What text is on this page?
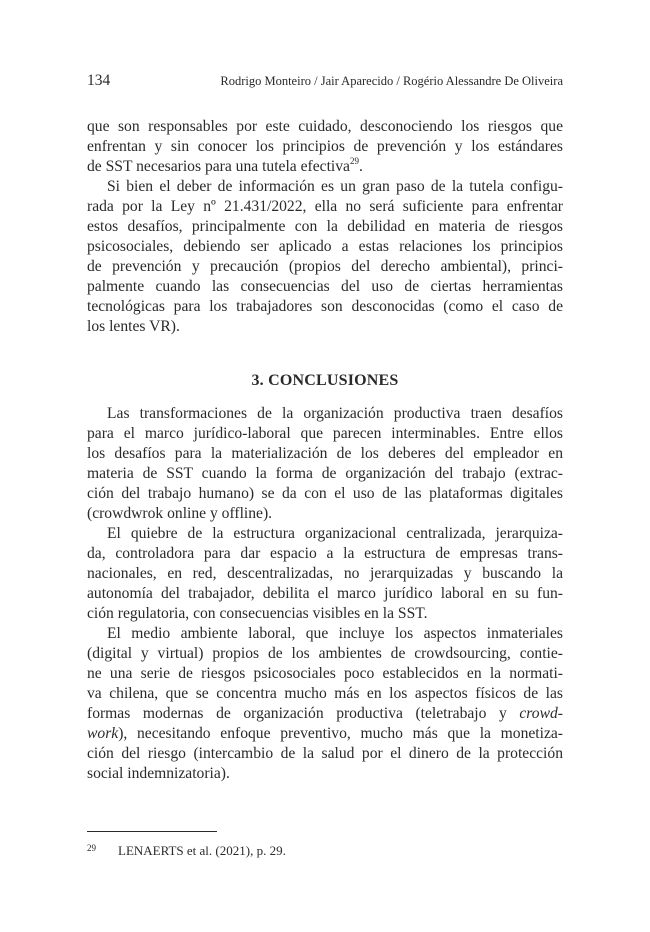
134	Rodrigo Monteiro / Jair Aparecido / Rogério Alessandre De Oliveira
que son responsables por este cuidado, desconociendo los riesgos que
enfrentan y sin conocer los principios de prevención y los estándares
de SST necesarios para una tutela efectiva$^{29}$.
Si bien el deber de información es un gran paso de la tutela configu-
rada por la Ley nº 21.431/2022, ella no será suficiente para enfrentar
estos desafíos, principalmente con la debilidad en materia de riesgos
psicosociales, debiendo ser aplicado a estas relaciones los principios
de prevención y precaución (propios del derecho ambiental), princi-
palmente cuando las consecuencias del uso de ciertas herramientas
tecnológicas para los trabajadores son desconocidas (como el caso de
los lentes VR).
3. CONCLUSIONES
Las transformaciones de la organización productiva traen desafíos
para el marco jurídico-laboral que parecen interminables. Entre ellos
los desafíos para la materialización de los deberes del empleador en
materia de SST cuando la forma de organización del trabajo (extrac-
ción del trabajo humano) se da con el uso de las plataformas digitales
(crowdwrok online y offline).
El quiebre de la estructura organizacional centralizada, jerarquiza-
da, controladora para dar espacio a la estructura de empresas trans-
nacionales, en red, descentralizadas, no jerarquizadas y buscando la
autonomía del trabajador, debilita el marco jurídico laboral en su fun-
ción regulatoria, con consecuencias visibles en la SST.
El medio ambiente laboral, que incluye los aspectos inmateriales
(digital y virtual) propios de los ambientes de crowdsourcing, contie-
ne una serie de riesgos psicosociales poco establecidos en la normati-
va chilena, que se concentra mucho más en los aspectos físicos de las
formas modernas de organización productiva (teletrabajo y crowd-
work), necesitando enfoque preventivo, mucho más que la monetiza-
ción del riesgo (intercambio de la salud por el dinero de la protección
social indemnizatoria).
29 LENAERTS et al. (2021), p. 29.
